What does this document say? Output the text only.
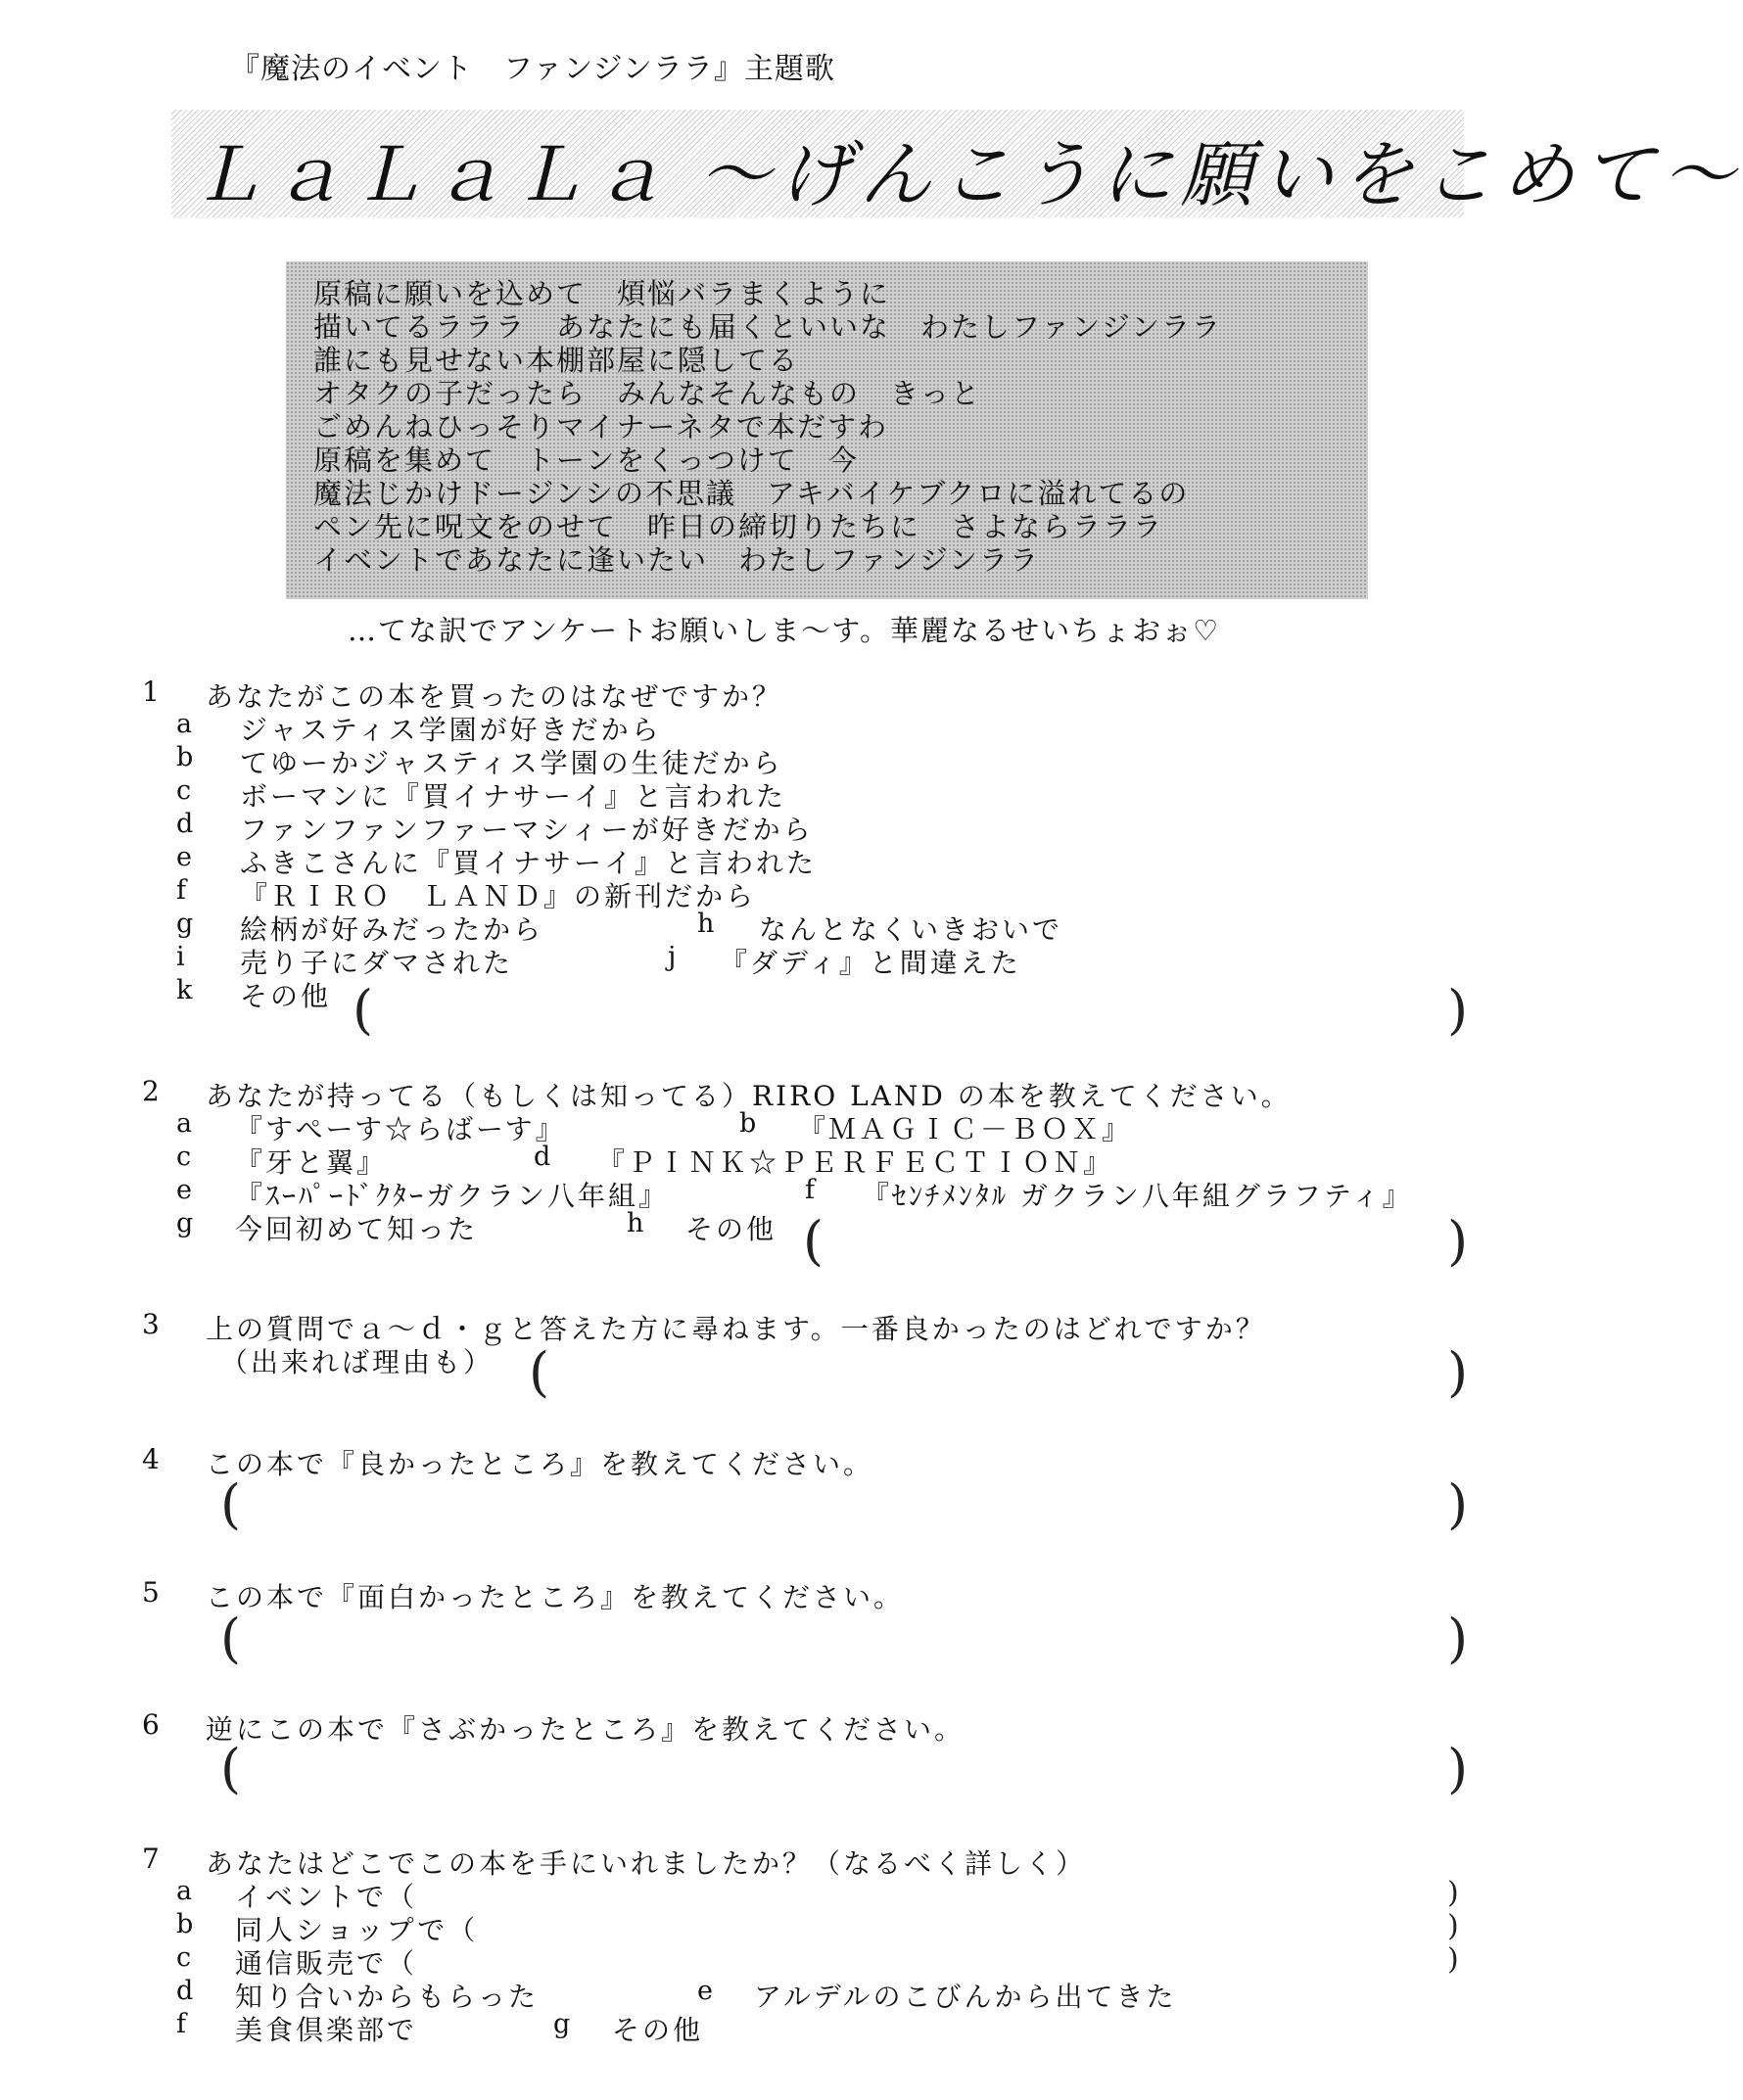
『魔法のイベント　ファンジンララ』主題歌
ＬａＬａＬａ ～げんこうに願いをこめて～
原稿に願いを込めて　煩悩バラまくように
描いてるラララ　あなたにも届くといいな　わたしファンジンララ
誰にも見せない本棚部屋に隠してる
オタクの子だったら　みんなそんなもの　きっと
ごめんねひっそりマイナーネタで本だすわ
原稿を集めて　トーンをくっつけて　今
魔法じかけドージンシの不思議　アキバイケブクロに溢れてるの
ペン先に呪文をのせて　昨日の締切りたちに　さよならラララ
イベントであなたに逢いたい　わたしファンジンララ
…てな訳でアンケートお願いしま～す。華麗なるせいちょおぉ♡
1 あなたがこの本を買ったのはなぜですか？
a ジャスティス学園が好きだから
b てゆーかジャスティス学園の生徒だから
c ボーマンに『買イナサーイ』と言われた
d ファンファンファーマシィーが好きだから
e ふきこさんに『買イナサーイ』と言われた
f 『ＲＩＲＯ　ＬＡＮＤ』の新刊だから
g 絵柄が好みだったから	h なんとなくいきおいで
i 売り子にダマされた	j 『ダディ』と間違えた
k その他 (	)
2 あなたが持ってる（もしくは知ってる）RIRO LAND の本を教えてください。
a 『すぺーす☆らばーす』	b 『ＭＡＧＩＣ－ＢＯＸ』
c 『牙と翼』	d 『ＰＩＮＫ☆ＰＥＲＦＥＣＴＩＯＮ』
e 『ｽｰﾊﾟｰﾄﾞｸﾀｰガクラン八年組』	f 『ｾﾝﾁﾒﾝﾀﾙ ガクラン八年組グラフティ』
g 今回初めて知った	h その他 (	)
3 上の質問でａ～ｄ・ｇと答えた方に尋ねます。一番良かったのはどれですか？
（出来れば理由も） (	)
4 この本で『良かったところ』を教えてください。
(	)
5 この本で『面白かったところ』を教えてください。
(	)
6 逆にこの本で『さぶかったところ』を教えてください。
(	)
7 あなたはどこでこの本を手にいれましたか？（なるべく詳しく）
a イベントで（	)
b 同人ショップで（	)
c 通信販売で（	)
d 知り合いからもらった	e アルデルのこびんから出てきた
f 美食倶楽部で	g その他
